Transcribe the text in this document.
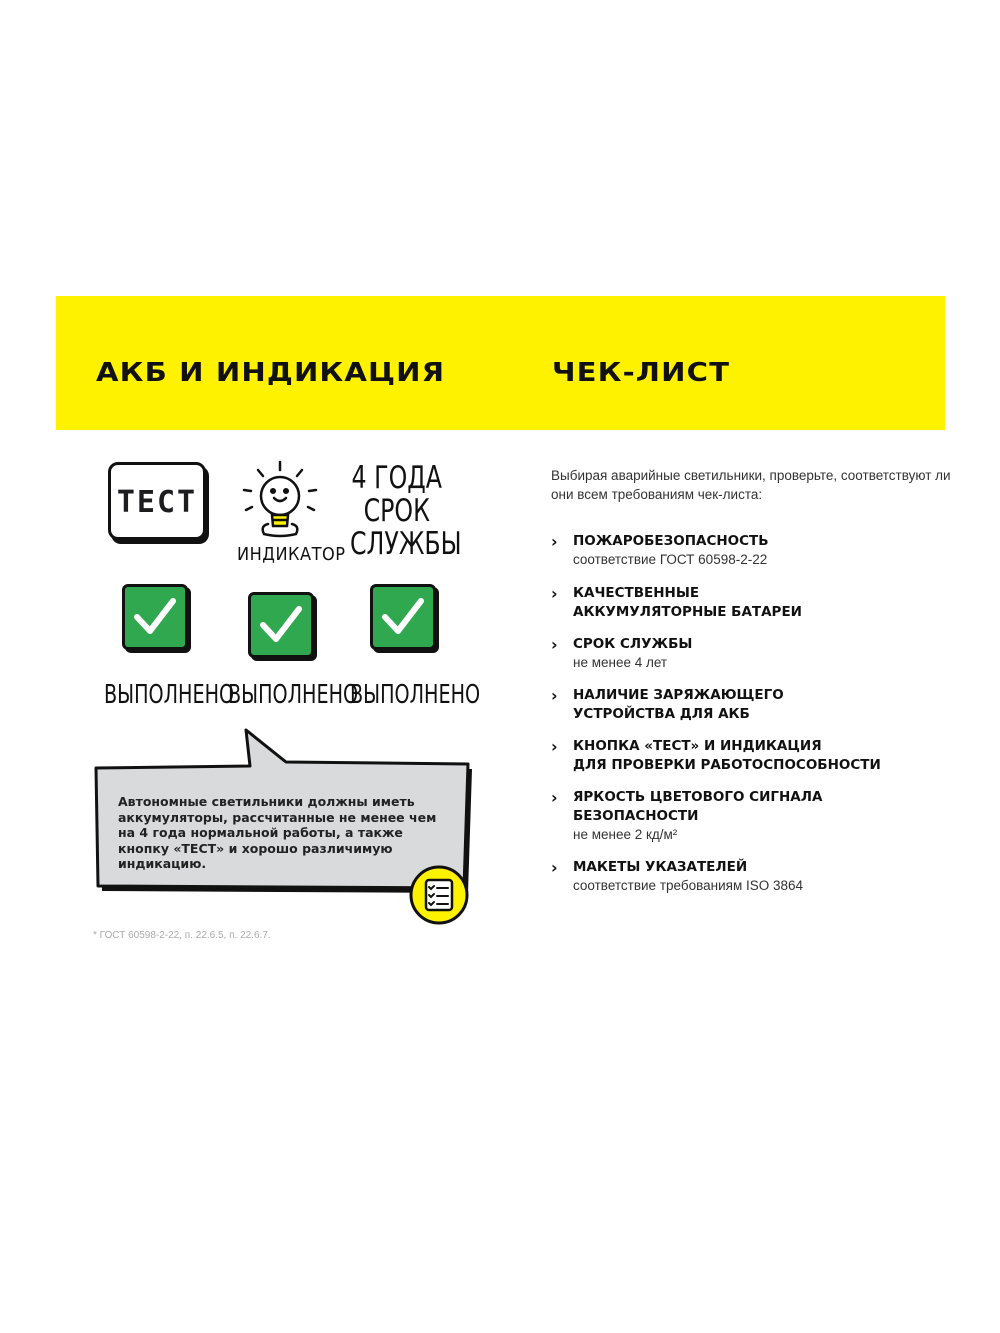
АКБ И ИНДИКАЦИЯ	ЧЕК-ЛИСТ
ТЕСТ
ИНДИКАТОР
4 ГОДА
СРОК
СЛУЖБЫ
ВЫПОЛНЕНО
ВЫПОЛНЕНО
ВЫПОЛНЕНО
Автономные светильники должны иметь аккумуляторы, рассчитанные не менее чем на 4 года нормальной работы, а также кнопку «ТЕСТ» и хорошо различимую индикацию.
* ГОСТ 60598-2-22, п. 22.6.5, п. 22.6.7.
Выбирая аварийные светильники, проверьте, соответствуют ли они всем требованиям чек-листа:
› ПОЖАРОБЕЗОПАСНОСТЬ
соответствие ГОСТ 60598-2-22
› КАЧЕСТВЕННЫЕ
АККУМУЛЯТОРНЫЕ БАТАРЕИ
› СРОК СЛУЖБЫ
не менее 4 лет
› НАЛИЧИЕ ЗАРЯЖАЮЩЕГО
УСТРОЙСТВА ДЛЯ АКБ
› КНОПКА «ТЕСТ» И ИНДИКАЦИЯ
ДЛЯ ПРОВЕРКИ РАБОТОСПОСОБНОСТИ
› ЯРКОСТЬ ЦВЕТОВОГО СИГНАЛА
БЕЗОПАСНОСТИ
не менее 2 кд/м²
› МАКЕТЫ УКАЗАТЕЛЕЙ
соответствие требованиям ISO 3864
